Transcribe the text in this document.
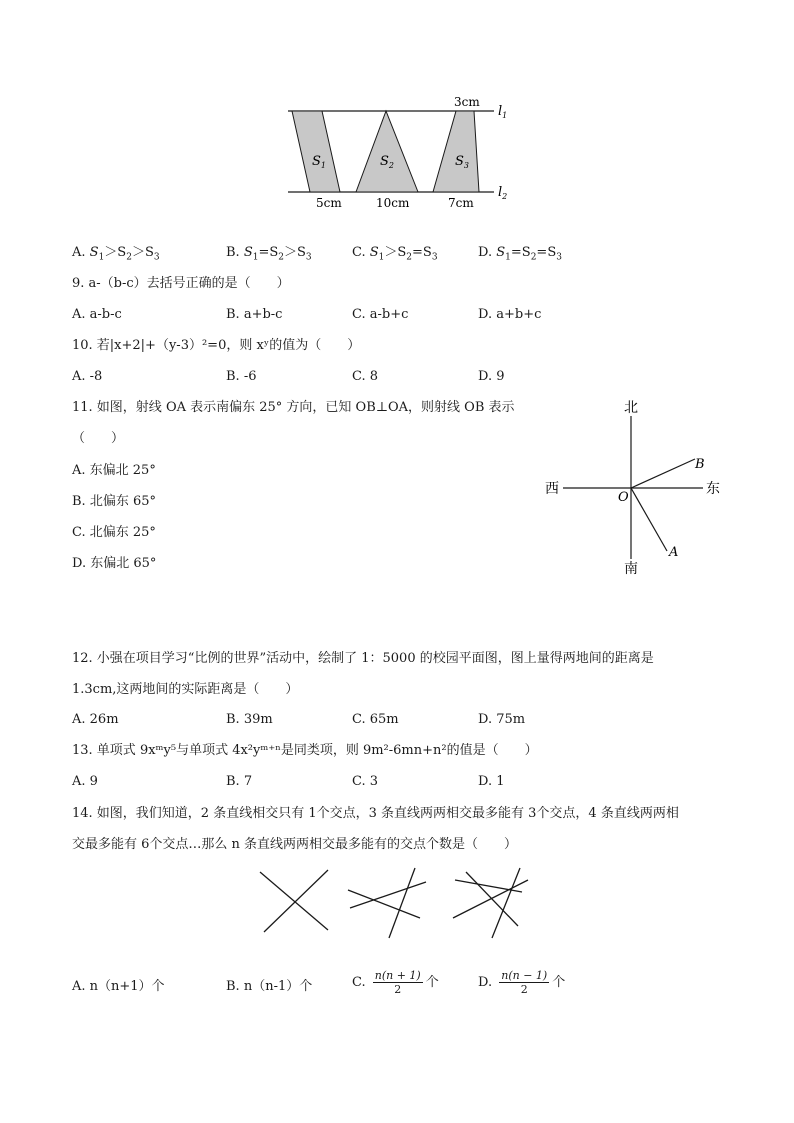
$S_1$	$S_2$	$S_3$
3cm
5cm	10cm	7cm
$l_1$
$l_2$
A. $S_1>S_2>S_3$	B. $S_1=S_2>S_3$	C. $S_1>S_2=S_3$	D. $S_1=S_2=S_3$
9. a-（b-c）去括号正确的是（　　）
A. a-b-c	B. a+b-c	C. a-b+c	D. a+b+c
10. 若|x+2|+（y-3）²=0，则 xʸ的值为（　　）
A. -8	B. -6	C. 8	D. 9
11. 如图，射线 OA 表示南偏东 25° 方向，已知 OB⊥OA，则射线 OB 表示
（　　）
A. 东偏北 25°
B. 北偏东 65°
C. 北偏东 25°
D. 东偏北 65°
北
南
西	东
O
B
A
12. 小强在项目学习“比例的世界”活动中，绘制了 1：5000 的校园平面图，图上量得两地间的距离是
1.3cm,这两地间的实际距离是（　　）
A. 26m	B. 39m	C. 65m	D. 75m
13. 单项式 9xᵐy⁵与单项式 4x²yᵐ⁺ⁿ是同类项，则 9m²-6mn+n²的值是（　　）
A. 9	B. 7	C. 3	D. 1
14. 如图，我们知道，2 条直线相交只有 1个交点，3 条直线两两相交最多能有 3个交点，4 条直线两两相
交最多能有 6个交点…那么 n 条直线两两相交最多能有的交点个数是（　　）
A. n（n+1）个	B. n（n-1）个	C. $\frac{n(n + 1)}{2}$ 个	D. $\frac{n(n - 1)}{2}$ 个
